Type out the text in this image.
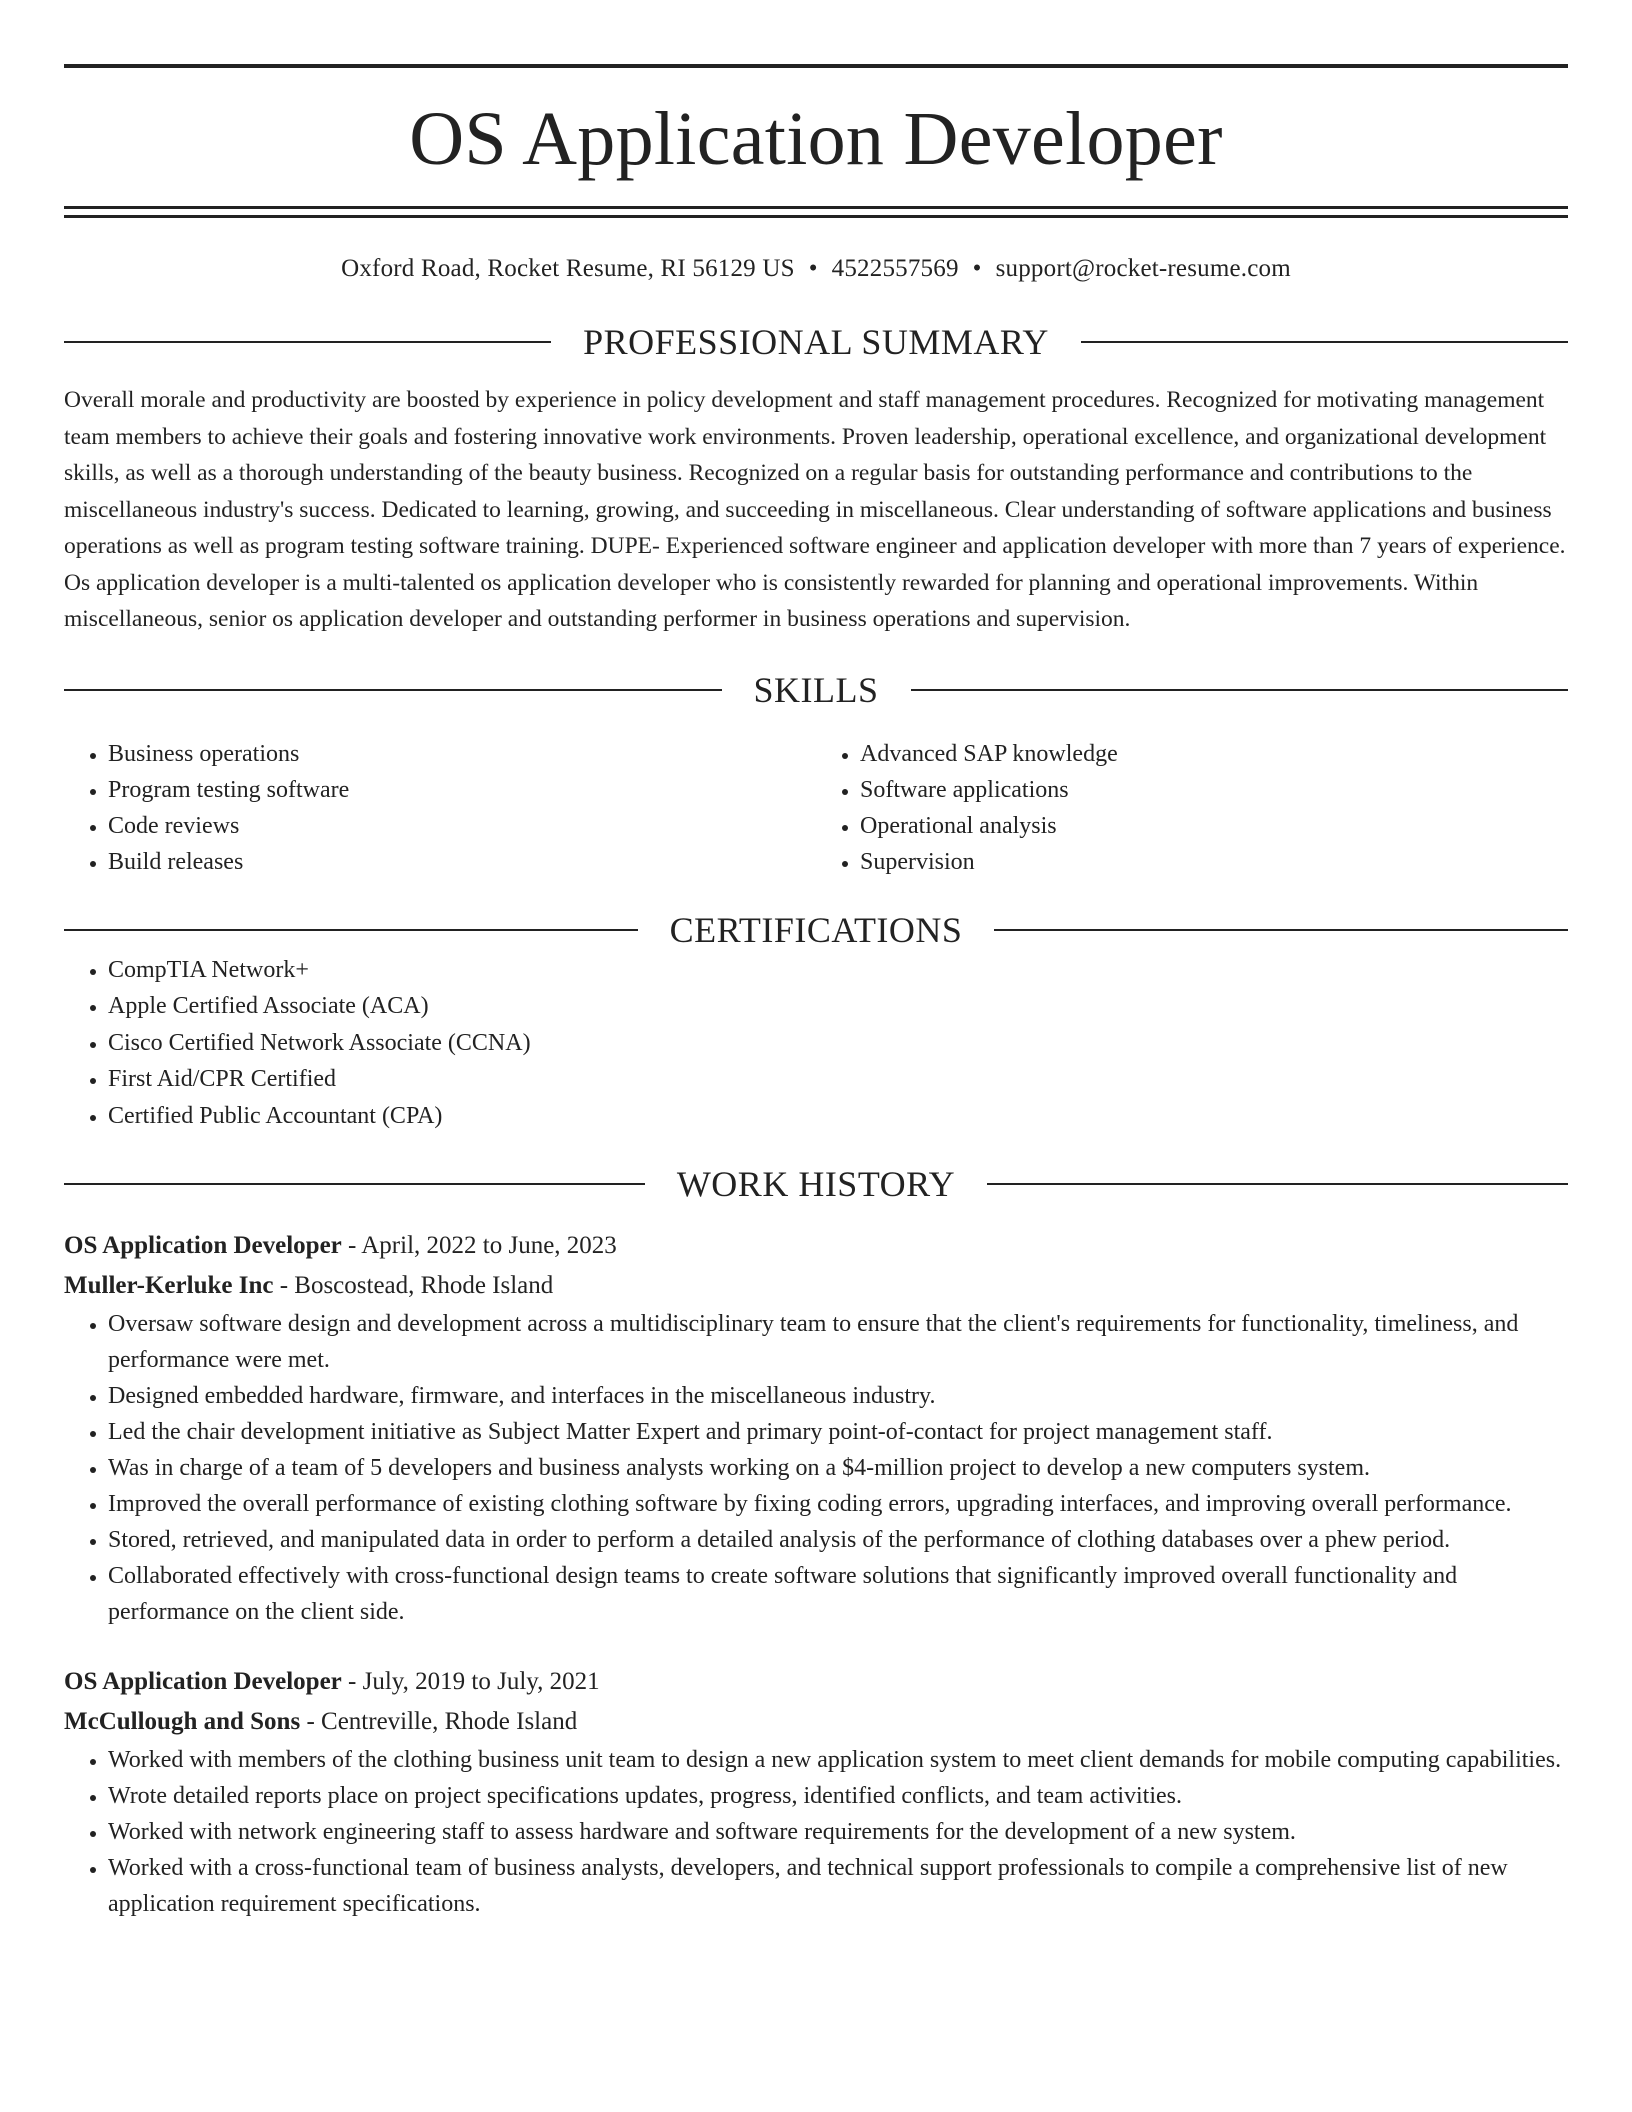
OS Application Developer
Oxford Road, Rocket Resume, RI 56129 US • 4522557569 • support@rocket-resume.com
PROFESSIONAL SUMMARY

Overall morale and productivity are boosted by experience in policy development and staff management procedures. Recognized for motivating management team members to achieve their goals and fostering innovative work environments. Proven leadership, operational excellence, and organizational development skills, as well as a thorough understanding of the beauty business. Recognized on a regular basis for outstanding performance and contributions to the miscellaneous industry's success. Dedicated to learning, growing, and succeeding in miscellaneous. Clear understanding of software applications and business operations as well as program testing software training. DUPE- Experienced software engineer and application developer with more than 7 years of experience. Os application developer is a multi-talented os application developer who is consistently rewarded for planning and operational improvements. Within miscellaneous, senior os application developer and outstanding performer in business operations and supervision.

SKILLS
• Business operations
• Program testing software
• Code reviews
• Build releases
• Advanced SAP knowledge
• Software applications
• Operational analysis
• Supervision
CERTIFICATIONS
• CompTIA Network+
• Apple Certified Associate (ACA)
• Cisco Certified Network Associate (CCNA)
• First Aid/CPR Certified
• Certified Public Accountant (CPA)
WORK HISTORY
OS Application Developer - April, 2022 to June, 2023
Muller-Kerluke Inc - Boscostead, Rhode Island
• Oversaw software design and development across a multidisciplinary team to ensure that the client's requirements for functionality, timeliness, and performance were met.
• Designed embedded hardware, firmware, and interfaces in the miscellaneous industry.
• Led the chair development initiative as Subject Matter Expert and primary point-of-contact for project management staff.
• Was in charge of a team of 5 developers and business analysts working on a $4-million project to develop a new computers system.
• Improved the overall performance of existing clothing software by fixing coding errors, upgrading interfaces, and improving overall performance.
• Stored, retrieved, and manipulated data in order to perform a detailed analysis of the performance of clothing databases over a phew period.
• Collaborated effectively with cross-functional design teams to create software solutions that significantly improved overall functionality and performance on the client side.
OS Application Developer - July, 2019 to July, 2021
McCullough and Sons - Centreville, Rhode Island
• Worked with members of the clothing business unit team to design a new application system to meet client demands for mobile computing capabilities.
• Wrote detailed reports place on project specifications updates, progress, identified conflicts, and team activities.
• Worked with network engineering staff to assess hardware and software requirements for the development of a new system.
• Worked with a cross-functional team of business analysts, developers, and technical support professionals to compile a comprehensive list of new application requirement specifications.
